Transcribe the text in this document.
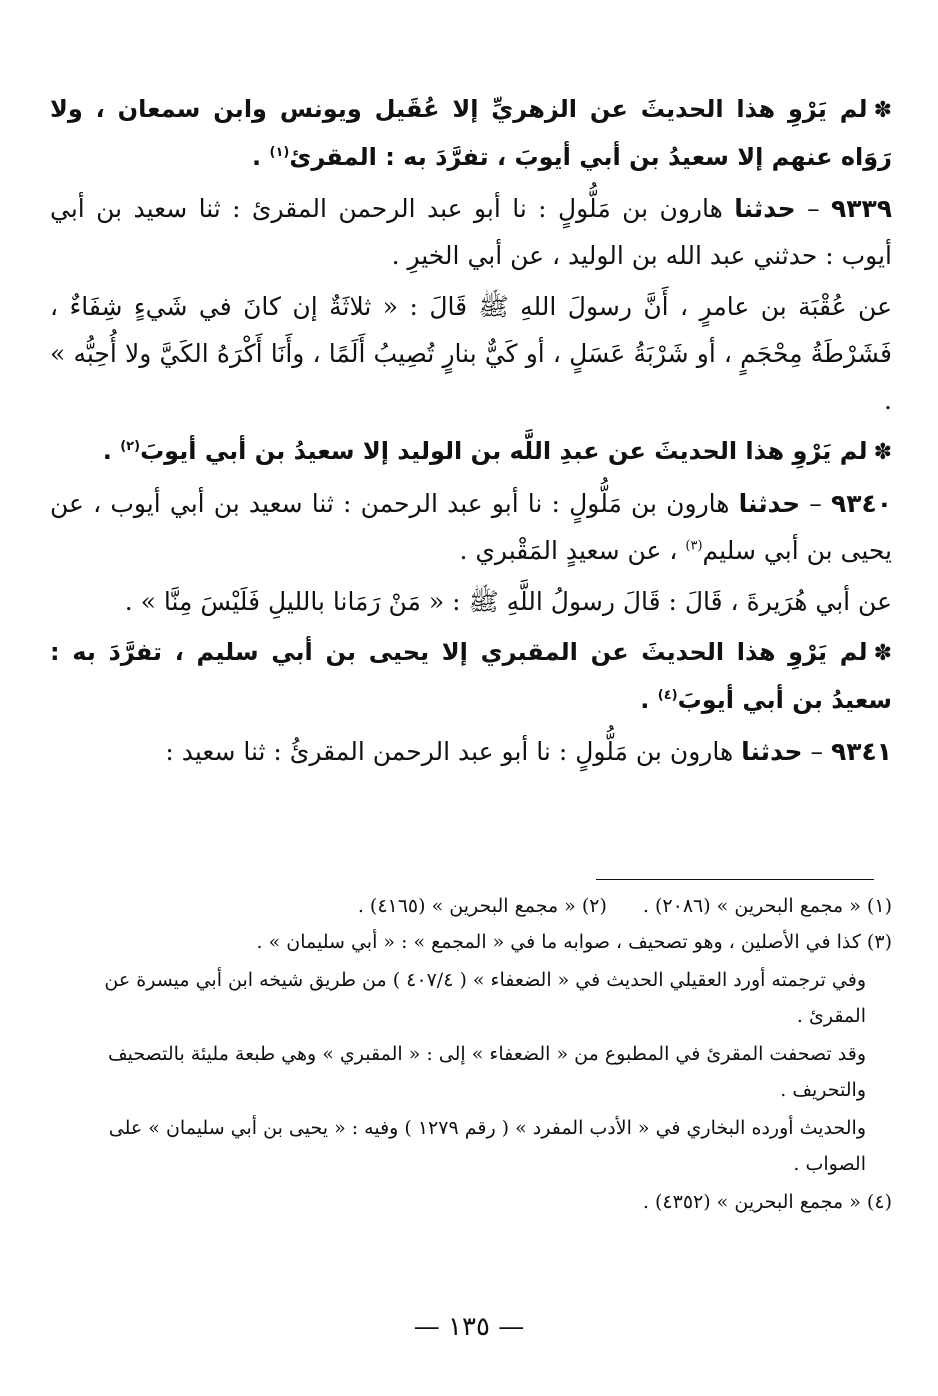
✽لم يَرْوِ هذا الحديثَ عن الزهريِّ إلا عُقَيل ويونس وابن سمعان ، ولا رَوَاه عنهم إلا سعيدُ بن أبي أيوبَ ، تفرَّدَ به : المقرئ$^{(١)}$ .

٩٣٣٩ – حدثنا هارون بن مَلُّولٍ : نا أبو عبد الرحمن المقرئ : ثنا سعيد بن أبي أيوب : حدثني عبد الله بن الوليد ، عن أبي الخيرِ .

عن عُقْبَة بن عامرٍ ، أَنَّ رسولَ اللهِ ﷺ قَالَ : « ثلاثَةٌ إن كانَ في شَيءٍ شِفَاءٌ ، فَشَرْطَةُ مِحْجَمٍ ، أو شَرْبَةُ عَسَلٍ ، أو كَيٌّ بنارٍ تُصِيبُ أَلَمًا ، وأَنَا أَكْرَهُ الكَيَّ ولا أُحِبُّه » .

✽لم يَرْوِ هذا الحديثَ عن عبدِ اللَّه بن الوليد إلا سعيدُ بن أبي أيوبَ$^{(٢)}$ .

٩٣٤٠ – حدثنا هارون بن مَلُّولٍ : نا أبو عبد الرحمن : ثنا سعيد بن أبي أيوب ، عن يحيى بن أبي سليم$^{(٣)}$ ، عن سعيدٍ المَقْبري .

عن أبي هُرَيرةَ ، قَالَ : قَالَ رسولُ اللَّهِ ﷺ : « مَنْ رَمَانا بالليلِ فَلَيْسَ مِنَّا » .

✽لم يَرْوِ هذا الحديثَ عن المقبري إلا يحيى بن أبي سليم ، تفرَّدَ به : سعيدُ بن أبي أيوبَ$^{(٤)}$ .

٩٣٤١ – حدثنا هارون بن مَلُّولٍ : نا أبو عبد الرحمن المقرئُ : ثنا سعيد :

(١) « مجمع البحرين » (٢٠٨٦) .
(٢) « مجمع البحرين » (٤١٦٥) .

(٣) كذا في الأصلين ، وهو تصحيف ، صوابه ما في « المجمع » : « أبي سليمان » .

وفي ترجمته أورد العقيلي الحديث في « الضعفاء » ( ٤٠٧/٤ ) من طريق شيخه ابن أبي ميسرة عن المقرئ .

وقد تصحفت المقرئ في المطبوع من « الضعفاء » إلى : « المقبري » وهي طبعة مليئة بالتصحيف والتحريف .

والحديث أورده البخاري في « الأدب المفرد » ( رقم ١٢٧٩ ) وفيه : « يحيى بن أبي سليمان » على الصواب .

(٤) « مجمع البحرين » (٤٣٥٢) .

— ١٣٥ —
